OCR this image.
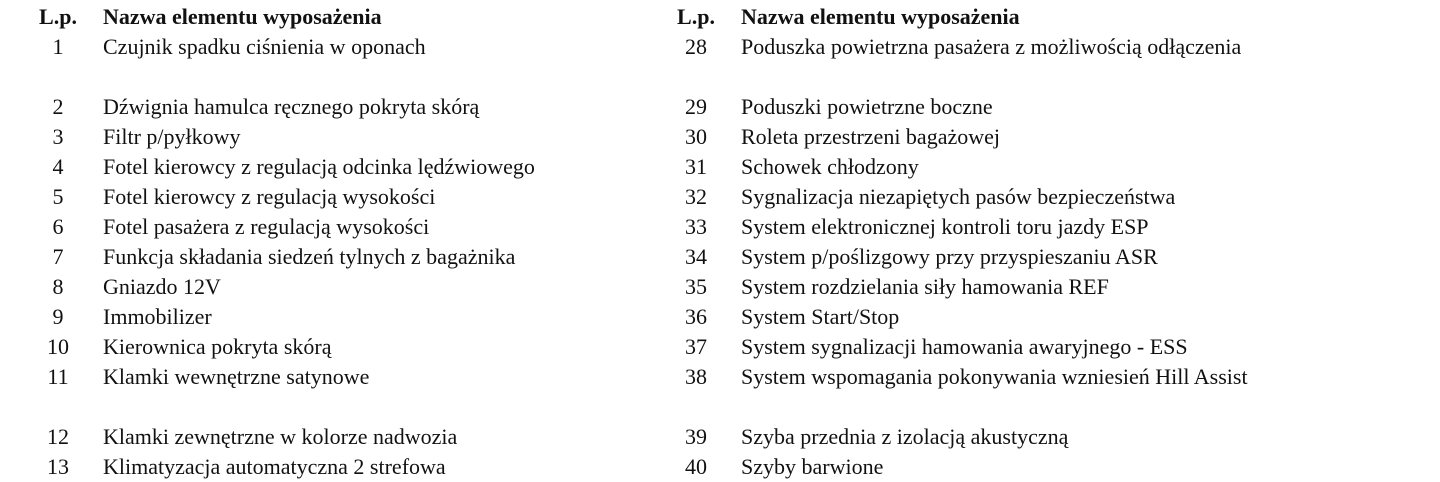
L.p.	Nazwa elementu wyposażenia
1	Czujnik spadku ciśnienia w oponach
2	Dźwignia hamulca ręcznego pokryta skórą
3	Filtr p/pyłkowy
4	Fotel kierowcy z regulacją odcinka lędźwiowego
5	Fotel kierowcy z regulacją wysokości
6	Fotel pasażera z regulacją wysokości
7	Funkcja składania siedzeń tylnych z bagażnika
8	Gniazdo 12V
9	Immobilizer
10	Kierownica pokryta skórą
11	Klamki wewnętrzne satynowe
12	Klamki zewnętrzne w kolorze nadwozia
13	Klimatyzacja automatyczna 2 strefowa
L.p.	Nazwa elementu wyposażenia
28	Poduszka powietrzna pasażera z możliwością odłączenia
29	Poduszki powietrzne boczne
30	Roleta przestrzeni bagażowej
31	Schowek chłodzony
32	Sygnalizacja niezapiętych pasów bezpieczeństwa
33	System elektronicznej kontroli toru jazdy ESP
34	System p/poślizgowy przy przyspieszaniu ASR
35	System rozdzielania siły hamowania REF
36	System Start/Stop
37	System sygnalizacji hamowania awaryjnego - ESS
38	System wspomagania pokonywania wzniesień Hill Assist
39	Szyba przednia z izolacją akustyczną
40	Szyby barwione
